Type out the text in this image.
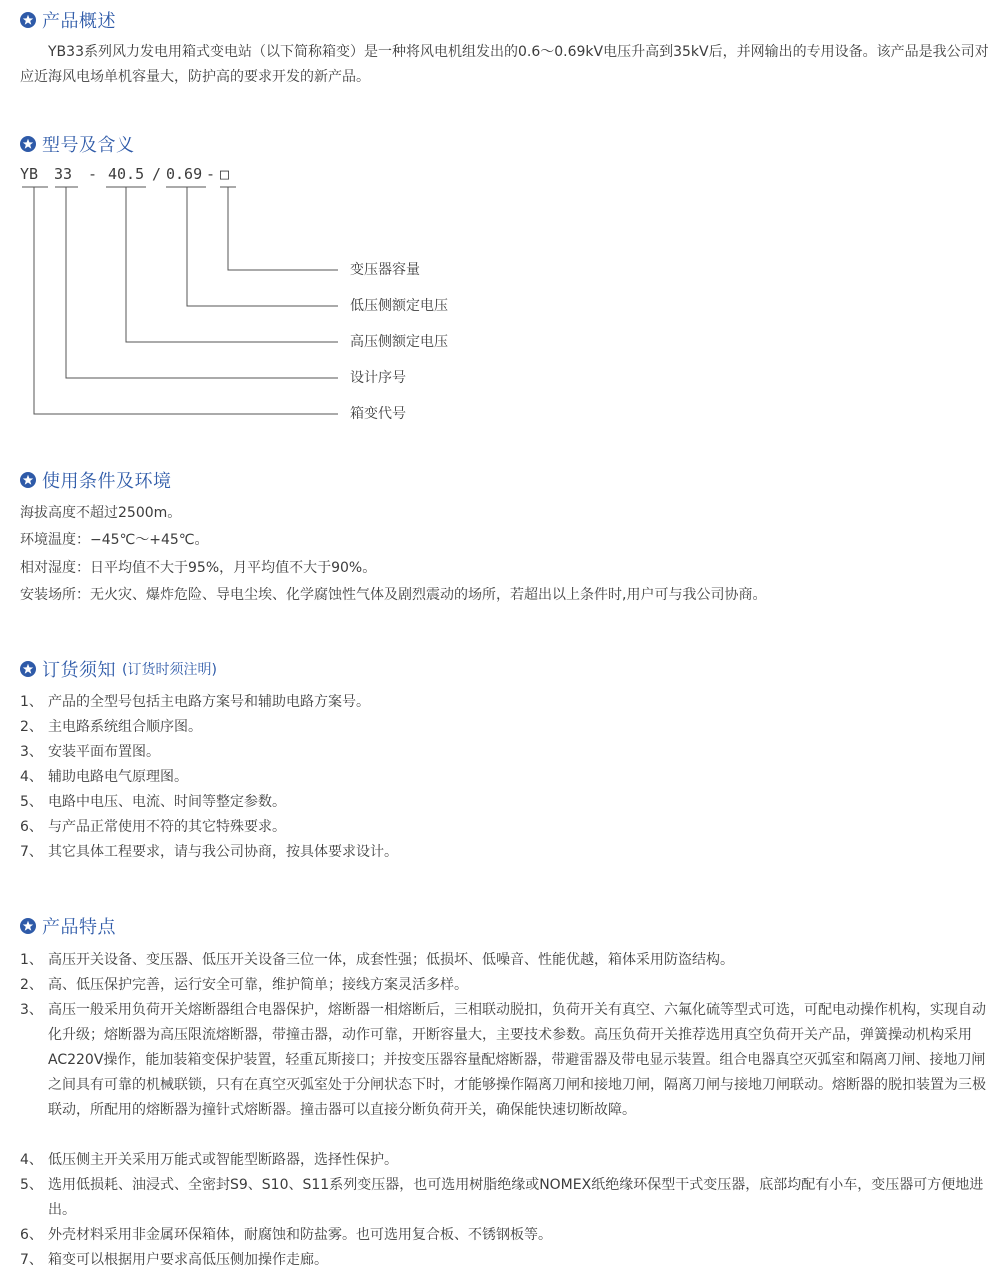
产品概述
YB33系列风力发电用箱式变电站（以下简称箱变）是一种将风电机组发出的0.6～0.69kV电压升高到35kV后，并网输出的专用设备。该产品是我公司对应近海风电场单机容量大，防护高的要求开发的新产品。
型号及含义
YB 33 - 40.5 / 0.69 - □
变压器容量
低压侧额定电压
高压侧额定电压
设计序号
箱变代号
使用条件及环境
海拔高度不超过2500m。
环境温度：−45℃～+45℃。
相对湿度：日平均值不大于95%，月平均值不大于90%。
安装场所：无火灾、爆炸危险、导电尘埃、化学腐蚀性气体及剧烈震动的场所，若超出以上条件时,用户可与我公司协商。
订货须知 (订货时须注明)
1、 产品的全型号包括主电路方案号和辅助电路方案号。
2、 主电路系统组合顺序图。
3、 安装平面布置图。
4、 辅助电路电气原理图。
5、 电路中电压、电流、时间等整定参数。
6、 与产品正常使用不符的其它特殊要求。
7、 其它具体工程要求，请与我公司协商，按具体要求设计。
产品特点
1、 高压开关设备、变压器、低压开关设备三位一体，成套性强；低损坏、低噪音、性能优越，箱体采用防盗结构。
2、 高、低压保护完善，运行安全可靠，维护简单；接线方案灵活多样。
3、 高压一般采用负荷开关熔断器组合电器保护，熔断器一相熔断后，三相联动脱扣，负荷开关有真空、六氟化硫等型式可选，可配电动操作机构，实现自动化升级；熔断器为高压限流熔断器，带撞击器，动作可靠，开断容量大，主要技术参数。高压负荷开关推荐选用真空负荷开关产品，弹簧操动机构采用AC220V操作，能加装箱变保护装置，轻重瓦斯接口；并按变压器容量配熔断器，带避雷器及带电显示装置。组合电器真空灭弧室和隔离刀闸、接地刀闸之间具有可靠的机械联锁，只有在真空灭弧室处于分闸状态下时，才能够操作隔离刀闸和接地刀闸，隔离刀闸与接地刀闸联动。熔断器的脱扣装置为三极联动，所配用的熔断器为撞针式熔断器。撞击器可以直接分断负荷开关，确保能快速切断故障。
4、 低压侧主开关采用万能式或智能型断路器，选择性保护。
5、 选用低损耗、油浸式、全密封S9、S10、S11系列变压器，也可选用树脂绝缘或NOMEX纸绝缘环保型干式变压器，底部均配有小车，变压器可方便地进出。
6、 外壳材料采用非金属环保箱体，耐腐蚀和防盐雾。也可选用复合板、不锈钢板等。
7、 箱变可以根据用户要求高低压侧加操作走廊。
